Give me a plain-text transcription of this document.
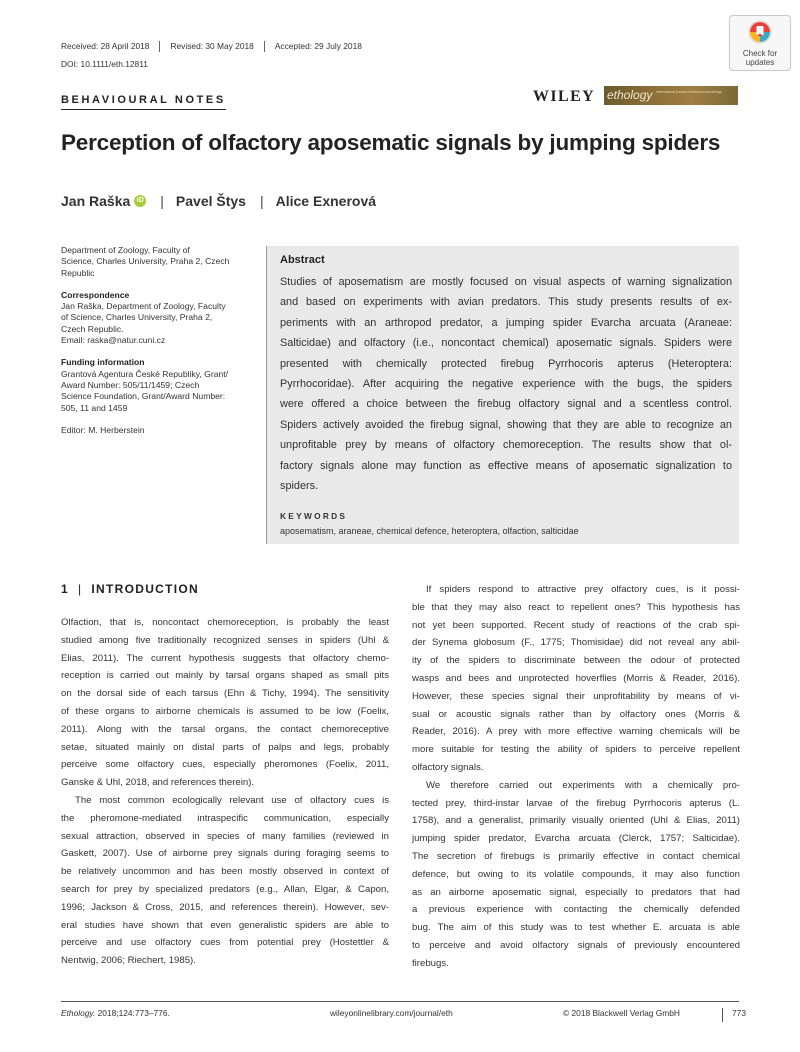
Received: 28 April 2018	Revised: 30 May 2018	Accepted: 29 July 2018
DOI: 10.1111/eth.12811
Check for
updates
BEHAVIOURAL NOTES	WILEY ethology international journal of behavioural biology
Perception of olfactory aposematic signals by jumping spiders
Jan Raška iD | Pavel Štys | Alice Exnerová
Department of Zoology, Faculty of
Science, Charles University, Praha 2, Czech
Republic
Correspondence
Jan Raška, Department of Zoology, Faculty
of Science, Charles University, Praha 2,
Czech Republic.
Email: raska@natur.cuni.cz
Funding information
Grantová Agentura České Republiky, Grant/
Award Number: 505/11/1459; Czech
Science Foundation, Grant/Award Number:
505, 11 and 1459
Editor: M. Herberstein
Abstract
Studies of aposematism are mostly focused on visual aspects of warning signalization
and based on experiments with avian predators. This study presents results of ex-
periments with an arthropod predator, a jumping spider Evarcha arcuata (Araneae:
Salticidae) and olfactory (i.e., noncontact chemical) aposematic signals. Spiders were
presented with chemically protected firebug Pyrrhocoris apterus (Heteroptera:
Pyrrhocoridae). After acquiring the negative experience with the bugs, the spiders
were offered a choice between the firebug olfactory signal and a scentless control.
Spiders actively avoided the firebug signal, showing that they are able to recognize an
unprofitable prey by means of olfactory chemoreception. The results show that ol-
factory signals alone may function as effective means of aposematic signalization to
spiders.
KEYWORDS
aposematism, araneae, chemical defence, heteroptera, olfaction, salticidae
1 | INTRODUCTION
Olfaction, that is, noncontact chemoreception, is probably the least
studied among five traditionally recognized senses in spiders (Uhl &
Elias, 2011). The current hypothesis suggests that olfactory chemo-
reception is carried out mainly by tarsal organs shaped as small pits
on the dorsal side of each tarsus (Ehn & Tichy, 1994). The sensitivity
of these organs to airborne chemicals is assumed to be low (Foelix,
2011). Along with the tarsal organs, the contact chemoreceptive
setae, situated mainly on distal parts of palps and legs, probably
perceive some olfactory cues, especially pheromones (Foelix, 2011,
Ganske & Uhl, 2018, and references therein).
The most common ecologically relevant use of olfactory cues is
the pheromone-mediated intraspecific communication, especially
sexual attraction, observed in species of many families (reviewed in
Gaskett, 2007). Use of airborne prey signals during foraging seems to
be relatively uncommon and has been mostly observed in context of
search for prey by specialized predators (e.g., Allan, Elgar, & Capon,
1996; Jackson & Cross, 2015, and references therein). However, sev-
eral studies have shown that even generalistic spiders are able to
perceive and use olfactory cues from potential prey (Hostettler &
Nentwig, 2006; Riechert, 1985).
If spiders respond to attractive prey olfactory cues, is it possi-
ble that they may also react to repellent ones? This hypothesis has
not yet been supported. Recent study of reactions of the crab spi-
der Synema globosum (F., 1775; Thomisidae) did not reveal any abil-
ity of the spiders to discriminate between the odour of protected
wasps and bees and unprotected hoverflies (Morris & Reader, 2016).
However, these species signal their unprofitability by means of vi-
sual or acoustic signals rather than by olfactory ones (Morris &
Reader, 2016). A prey with more effective warning chemicals will be
more suitable for testing the ability of spiders to perceive repellent
olfactory signals.
We therefore carried out experiments with a chemically pro-
tected prey, third-instar larvae of the firebug Pyrrhocoris apterus (L.
1758), and a generalist, primarily visually oriented (Uhl & Elias, 2011)
jumping spider predator, Evarcha arcuata (Clerck, 1757; Salticidae).
The secretion of firebugs is primarily effective in contact chemical
defence, but owing to its volatile compounds, it may also function
as an airborne aposematic signal, especially to predators that had
a previous experience with contacting the chemically defended
bug. The aim of this study was to test whether E. arcuata is able
to perceive and avoid olfactory signals of previously encountered
firebugs.
Ethology. 2018;124:773–776.	wileyonlinelibrary.com/journal/eth	© 2018 Blackwell Verlag GmbH	773
